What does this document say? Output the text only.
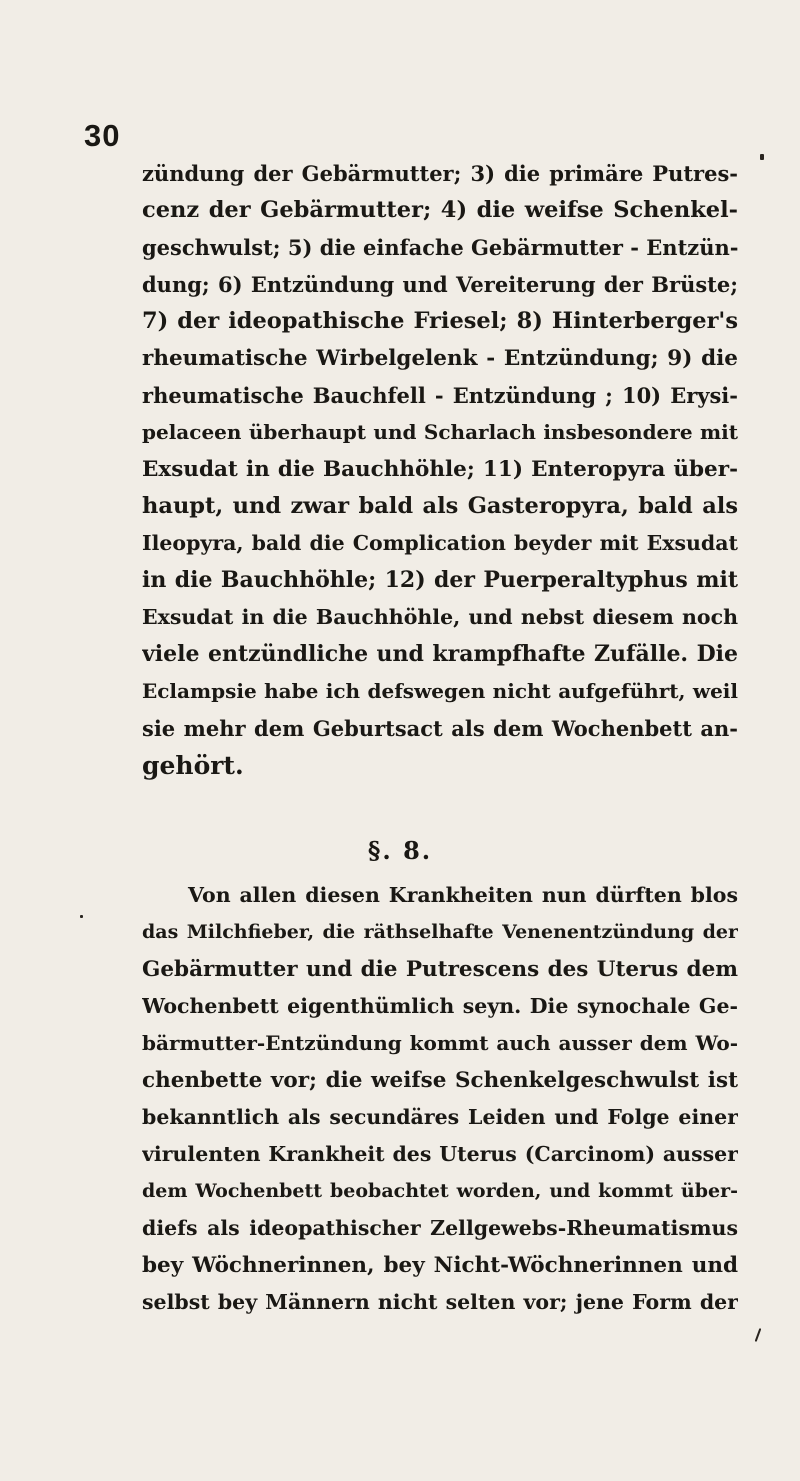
30
zündung der Gebärmutter; 3) die primäre Putres-
cenz der Gebärmutter; 4) die weifse Schenkel-
geschwulst; 5) die einfache Gebärmutter - Entzün-
dung; 6) Entzündung und Vereiterung der Brüste;
7) der ideopathische Friesel; 8) Hinterberger's
rheumatische Wirbelgelenk - Entzündung; 9) die
rheumatische Bauchfell - Entzündung ; 10) Erysi-
pelaceen überhaupt und Scharlach insbesondere mit
Exsudat in die Bauchhöhle; 11) Enteropyra über-
haupt, und zwar bald als Gasteropyra, bald als
Ileopyra, bald die Complication beyder mit Exsudat
in die Bauchhöhle; 12) der Puerperaltyphus mit
Exsudat in die Bauchhöhle, und nebst diesem noch
viele entzündliche und krampfhafte Zufälle. Die
Eclampsie habe ich defswegen nicht aufgeführt, weil
sie mehr dem Geburtsact als dem Wochenbett an-
gehört.
§. 8.
Von allen diesen Krankheiten nun dürften blos
das Milchfieber, die räthselhafte Venenentzündung der
Gebärmutter und die Putrescens des Uterus dem
Wochenbett eigenthümlich seyn. Die synochale Ge-
bärmutter-Entzündung kommt auch ausser dem Wo-
chenbette vor; die weifse Schenkelgeschwulst ist
bekanntlich als secundäres Leiden und Folge einer
virulenten Krankheit des Uterus (Carcinom) ausser
dem Wochenbett beobachtet worden, und kommt über-
diefs als ideopathischer Zellgewebs-Rheumatismus
bey Wöchnerinnen, bey Nicht-Wöchnerinnen und
selbst bey Männern nicht selten vor; jene Form der
